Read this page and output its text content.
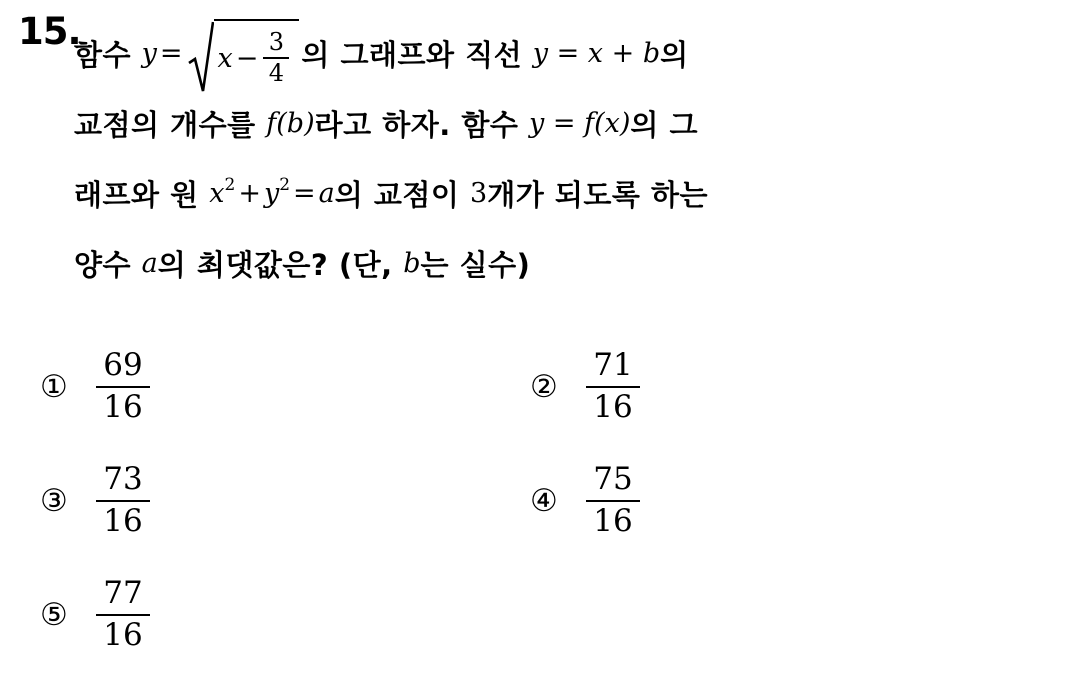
15.
함수 $y = x - \frac{3}{4}$ 의 그래프와 직선 y = x + b 의
교점의 개수를 f(b) 라고 하자. 함수 y = f(x) 의 그
래프와 원 x 2 + y 2 = a 의 교점이 3 개가 되도록 하는
양수 a 의 최댓값은? (단, b 는 실수)
① $\frac{69}{16}$	② $\frac{71}{16}$
③ $\frac{73}{16}$	④ $\frac{75}{16}$
⑤ $\frac{77}{16}$
